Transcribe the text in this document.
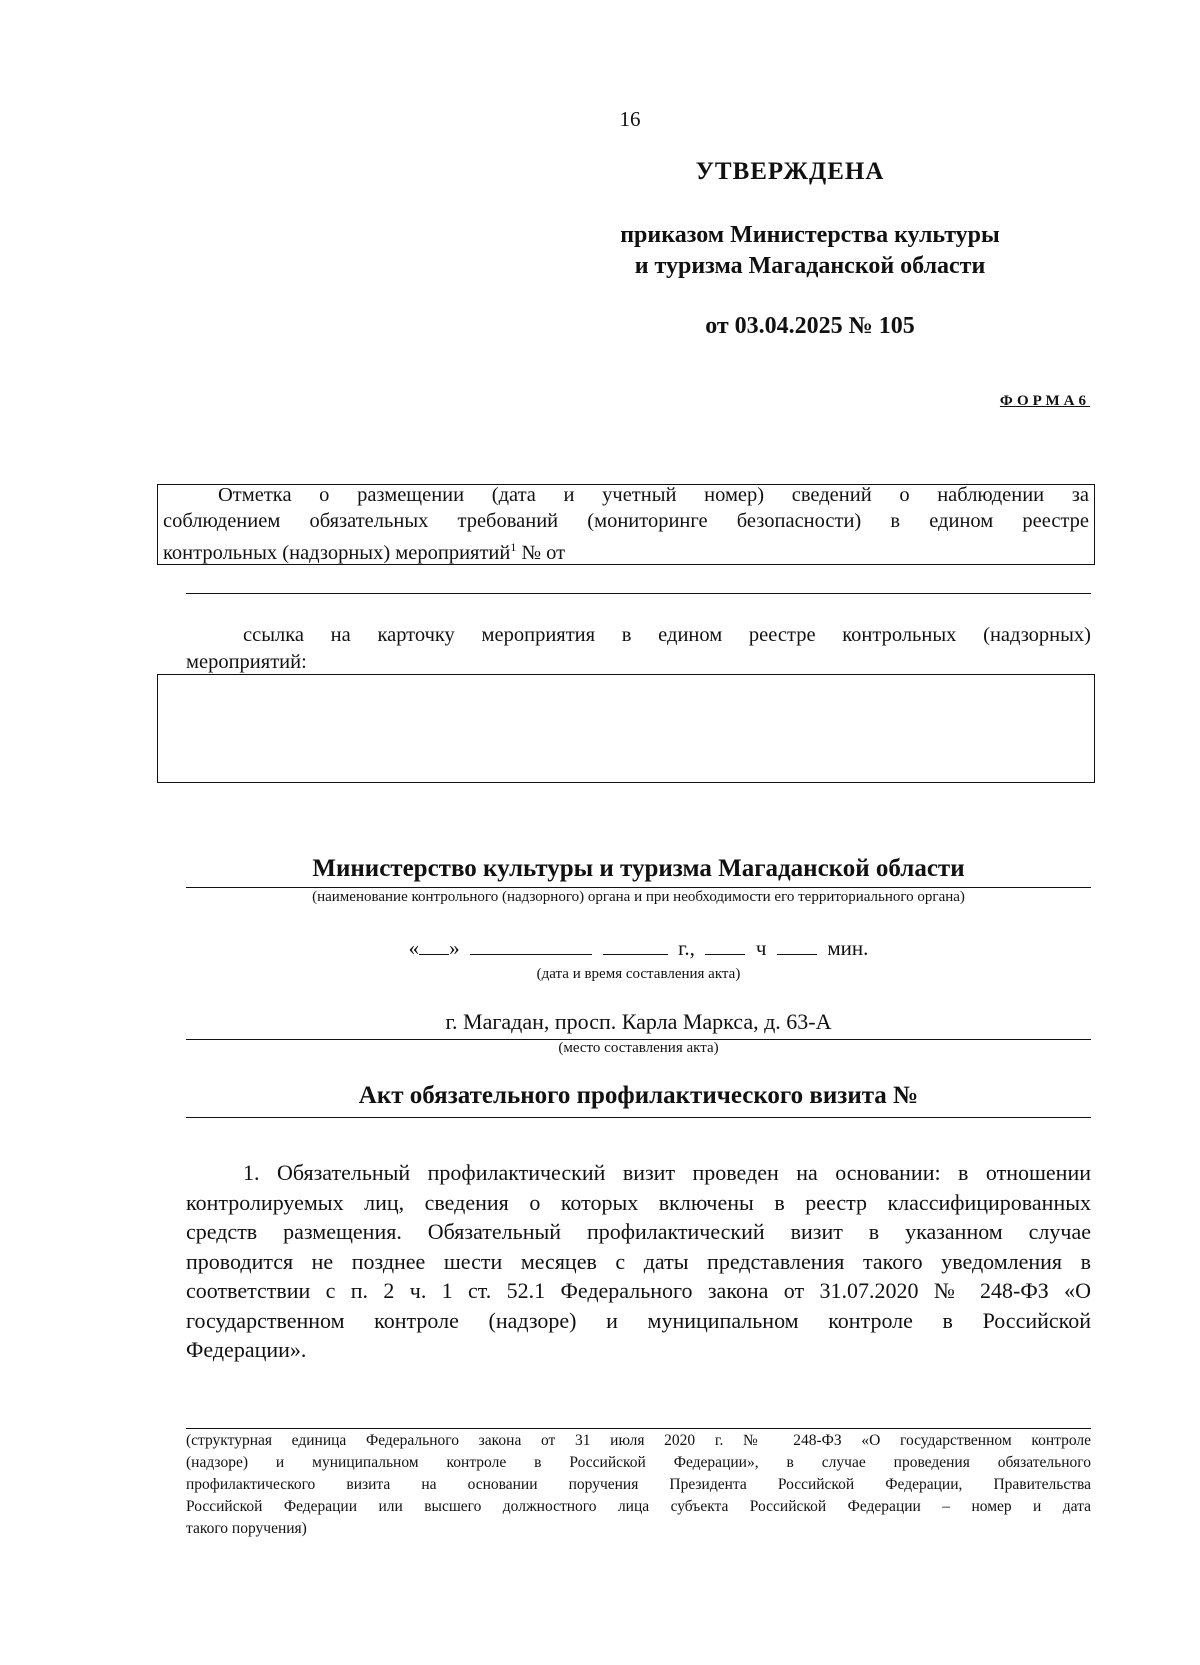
16
УТВЕРЖДЕНА
приказом Министерства культуры
и туризма Магаданской области
от 03.04.2025 № 105
ФОРМА6
Отметка о размещении (дата и учетный номер) сведений о наблюдении за
соблюдением обязательных требований (мониторинге безопасности) в едином реестре
контрольных (надзорных) мероприятий$^1$ № от
ссылка на карточку мероприятия в едином реестре контрольных (надзорных)
мероприятий:
Министерство культуры и туризма Магаданской области
(наименование контрольного (надзорного) органа и при необходимости его территориального органа)
« »	г.,	ч	мин.
(дата и время составления акта)
г. Магадан, просп. Карла Маркса, д. 63-А
(место составления акта)
Акт обязательного профилактического визита №
1. Обязательный профилактический визит проведен на основании: в отношении
контролируемых лиц, сведения о которых включены в реестр классифицированных
средств размещения. Обязательный профилактический визит в указанном случае
проводится не позднее шести месяцев с даты представления такого уведомления в
соответствии с п. 2 ч. 1 ст. 52.1 Федерального закона от 31.07.2020 № 248-ФЗ «О
государственном контроле (надзоре) и муниципальном контроле в Российской
Федерации».
(структурная единица Федерального закона от 31 июля 2020 г. № 248-ФЗ «О государственном контроле
(надзоре) и муниципальном контроле в Российской Федерации», в случае проведения обязательного
профилактического визита на основании поручения Президента Российской Федерации, Правительства
Российской Федерации или высшего должностного лица субъекта Российской Федерации – номер и дата
такого поручения)
